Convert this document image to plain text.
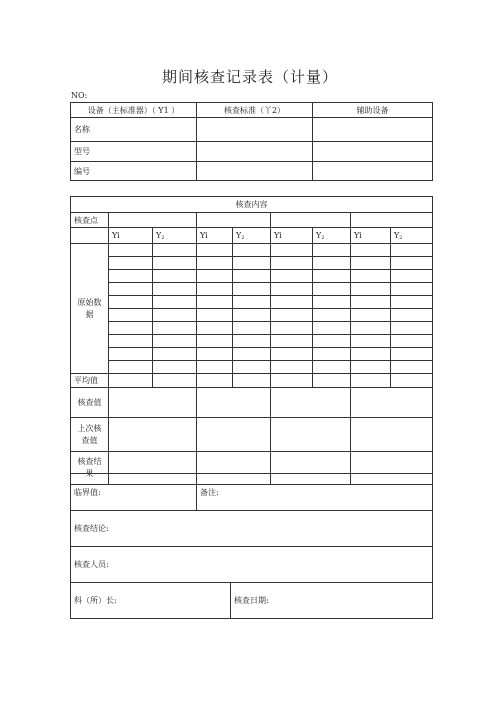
期间核查记录表（计量）
NO:
设备（主标准器）（ Y1 ）	核查标准（丫2）	辅助设备
名称		
型号		
编号		
核查内容								
核查点								
	Yi	$Y_2$	Yi	$Y_2$	Yi	$Y_2$	Yi	$Y_2$
原始数据								

平均值								
核查值								
上次核查值								
核查结果								
临界值:	备注:	
核查结论:		
核查人员:		
科（所）长:		核查日期:
